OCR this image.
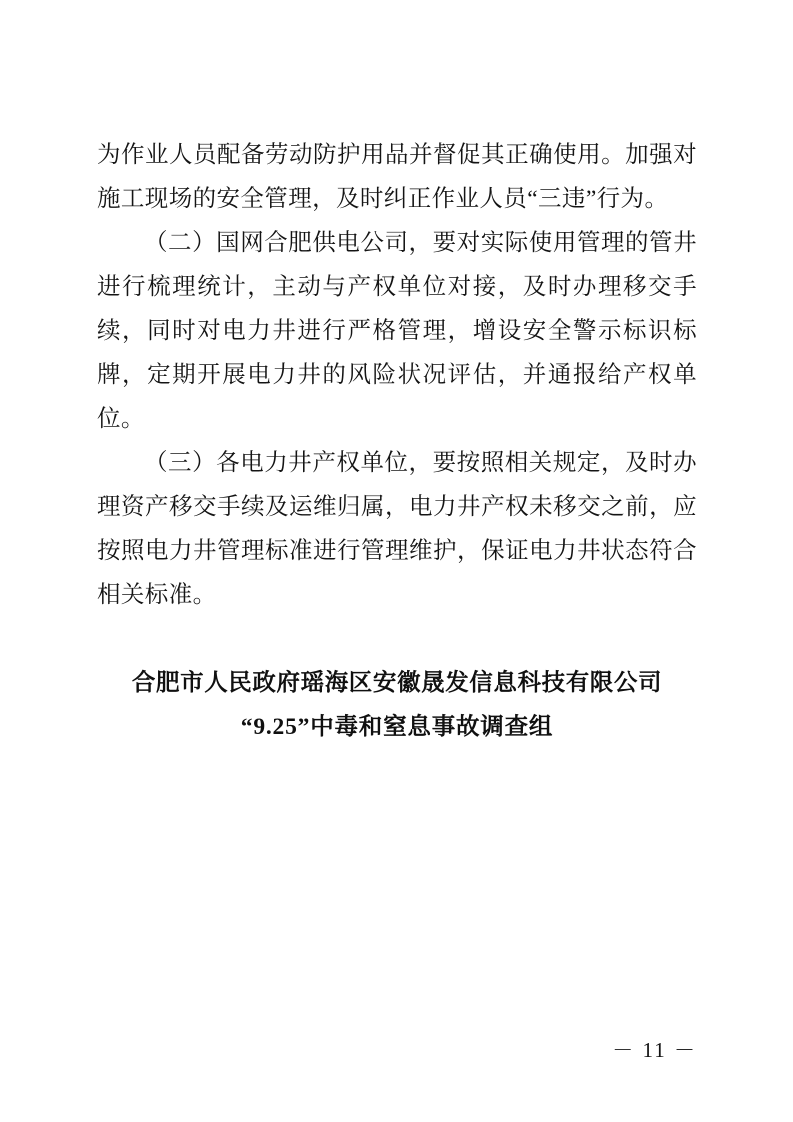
为作业人员配备劳动防护用品并督促其正确使用。加强对施工现场的安全管理，及时纠正作业人员“三违”行为。

（二）国网合肥供电公司，要对实际使用管理的管井进行梳理统计，主动与产权单位对接，及时办理移交手续，同时对电力井进行严格管理，增设安全警示标识标牌，定期开展电力井的风险状况评估，并通报给产权单位。

（三）各电力井产权单位，要按照相关规定，及时办理资产移交手续及运维归属，电力井产权未移交之前，应按照电力井管理标准进行管理维护，保证电力井状态符合相关标准。

合肥市人民政府瑶海区安徽晟发信息科技有限公司
“9.25”中毒和窒息事故调查组
－ 11 －
